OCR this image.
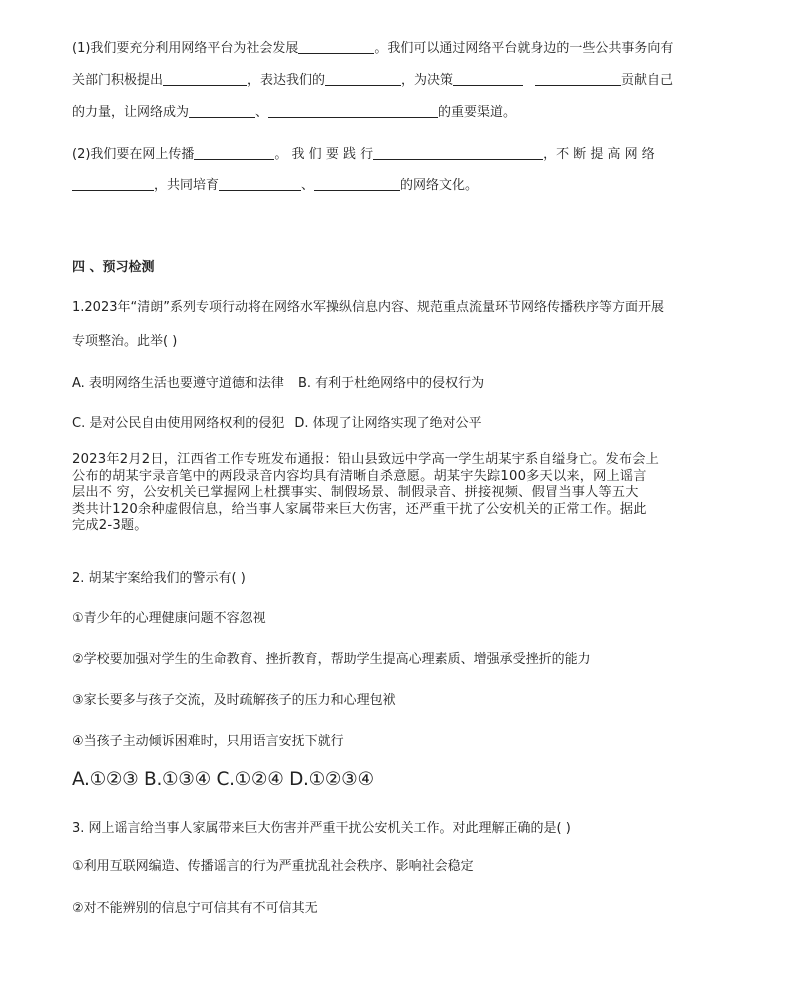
(1)我们要充分利用网络平台为社会发展	。我们可以通过网络平台就身边的一些公共事务向有
关部门积极提出	，表达我们的	，为决策	贡献自己
的力量，让网络成为	、	的重要渠道。
(2)我们要在网上传播	。 我 们 要 践 行	，不 断 提 高 网 络
，共同培育	、	的网络文化。
四 、预习检测
1.2023年“清朗”系列专项行动将在网络水军操纵信息内容、规范重点流量环节网络传播秩序等方面开展
专项整治。此举( )
A. 表明网络生活也要遵守道德和法律 B. 有利于杜绝网络中的侵权行为
C. 是对公民自由使用网络权利的侵犯 D. 体现了让网络实现了绝对公平
2023年2月2日，江西省工作专班发布通报：铅山县致远中学高一学生胡某宇系自缢身亡。发布会上
公布的胡某宇录音笔中的两段录音内容均具有清晰自杀意愿。胡某宇失踪100多天以来，网上谣言
层出不 穷，公安机关已掌握网上杜撰事实、制假场景、制假录音、拼接视频、假冒当事人等五大
类共计120余种虚假信息，给当事人家属带来巨大伤害，还严重干扰了公安机关的正常工作。据此
完成2-3题。
2. 胡某宇案给我们的警示有( )
①青少年的心理健康问题不容忽视
②学校要加强对学生的生命教育、挫折教育，帮助学生提高心理素质、增强承受挫折的能力
③家长要多与孩子交流，及时疏解孩子的压力和心理包袱
④当孩子主动倾诉困难时，只用语言安抚下就行
A.①②③ B.①③④ C.①②④ D.①②③④
3. 网上谣言给当事人家属带来巨大伤害并严重干扰公安机关工作。对此理解正确的是( )
①利用互联网编造、传播谣言的行为严重扰乱社会秩序、影响社会稳定
②对不能辨别的信息宁可信其有不可信其无
